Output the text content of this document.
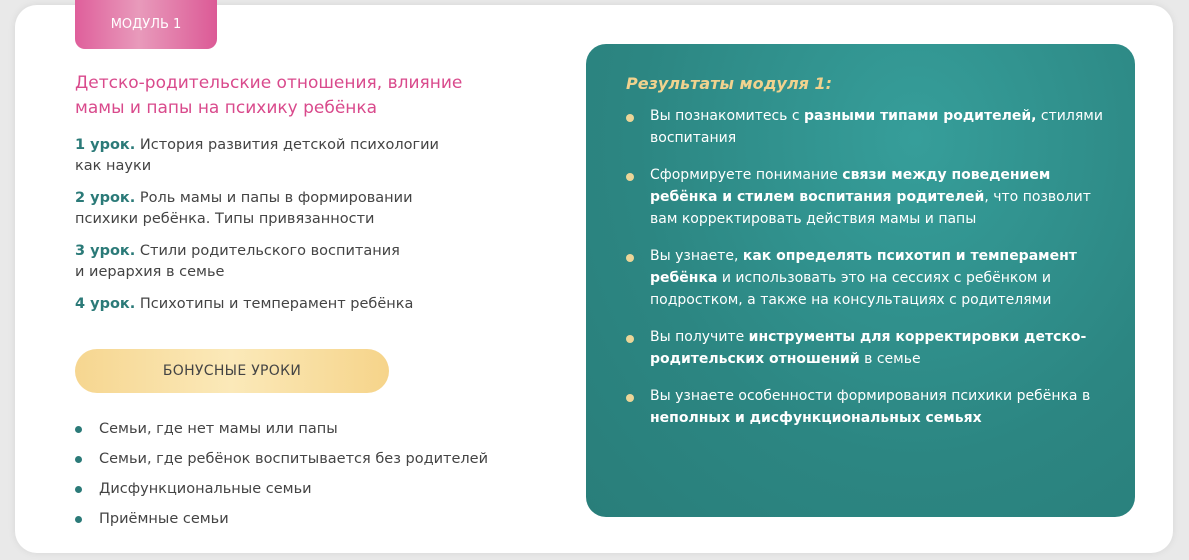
МОДУЛЬ 1
Детско-родительские отношения, влияние мамы и папы на психику ребёнка
1 урок. История развития детской психологии
как науки
2 урок. Роль мамы и папы в формировании
психики ребёнка. Типы привязанности
3 урок. Стили родительского воспитания
и иерархия в семье
4 урок. Психотипы и темперамент ребёнка
БОНУСНЫЕ УРОКИ
Семьи, где нет мамы или папы
Семьи, где ребёнок воспитывается без родителей
Дисфункциональные семьи
Приёмные семьи
Результаты модуля 1:
Вы познакомитесь с разными типами родителей, стилями воспитания
Сформируете понимание связи между поведением ребёнка и стилем воспитания родителей, что позволит вам корректировать действия мамы и папы
Вы узнаете, как определять психотип и темперамент ребёнка и использовать это на сессиях с ребёнком и подростком, а также на консультациях с родителями
Вы получите инструменты для корректировки детско-родительских отношений в семье
Вы узнаете особенности формирования психики ребёнка в неполных и дисфункциональных семьях
